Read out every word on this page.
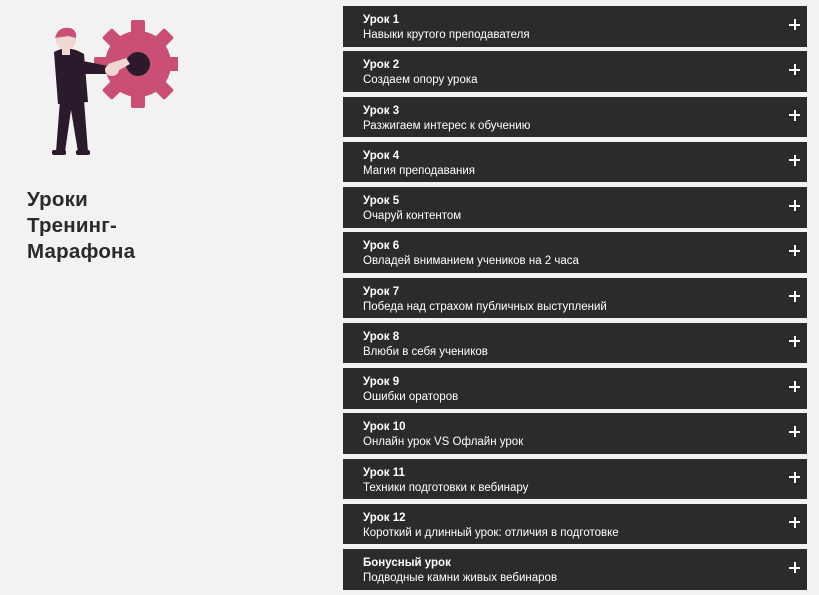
Уроки
Тренинг-
Марафона
Урок 1
Навыки крутого преподавателя
Урок 2
Создаем опору урока
Урок 3
Разжигаем интерес к обучению
Урок 4
Магия преподавания
Урок 5
Очаруй контентом
Урок 6
Овладей вниманием учеников на 2 часа
Урок 7
Победа над страхом публичных выступлений
Урок 8
Влюби в себя учеников
Урок 9
Ошибки ораторов
Урок 10
Онлайн урок VS Офлайн урок
Урок 11
Техники подготовки к вебинару
Урок 12
Короткий и длинный урок: отличия в подготовке
Бонусный урок
Подводные камни живых вебинаров
